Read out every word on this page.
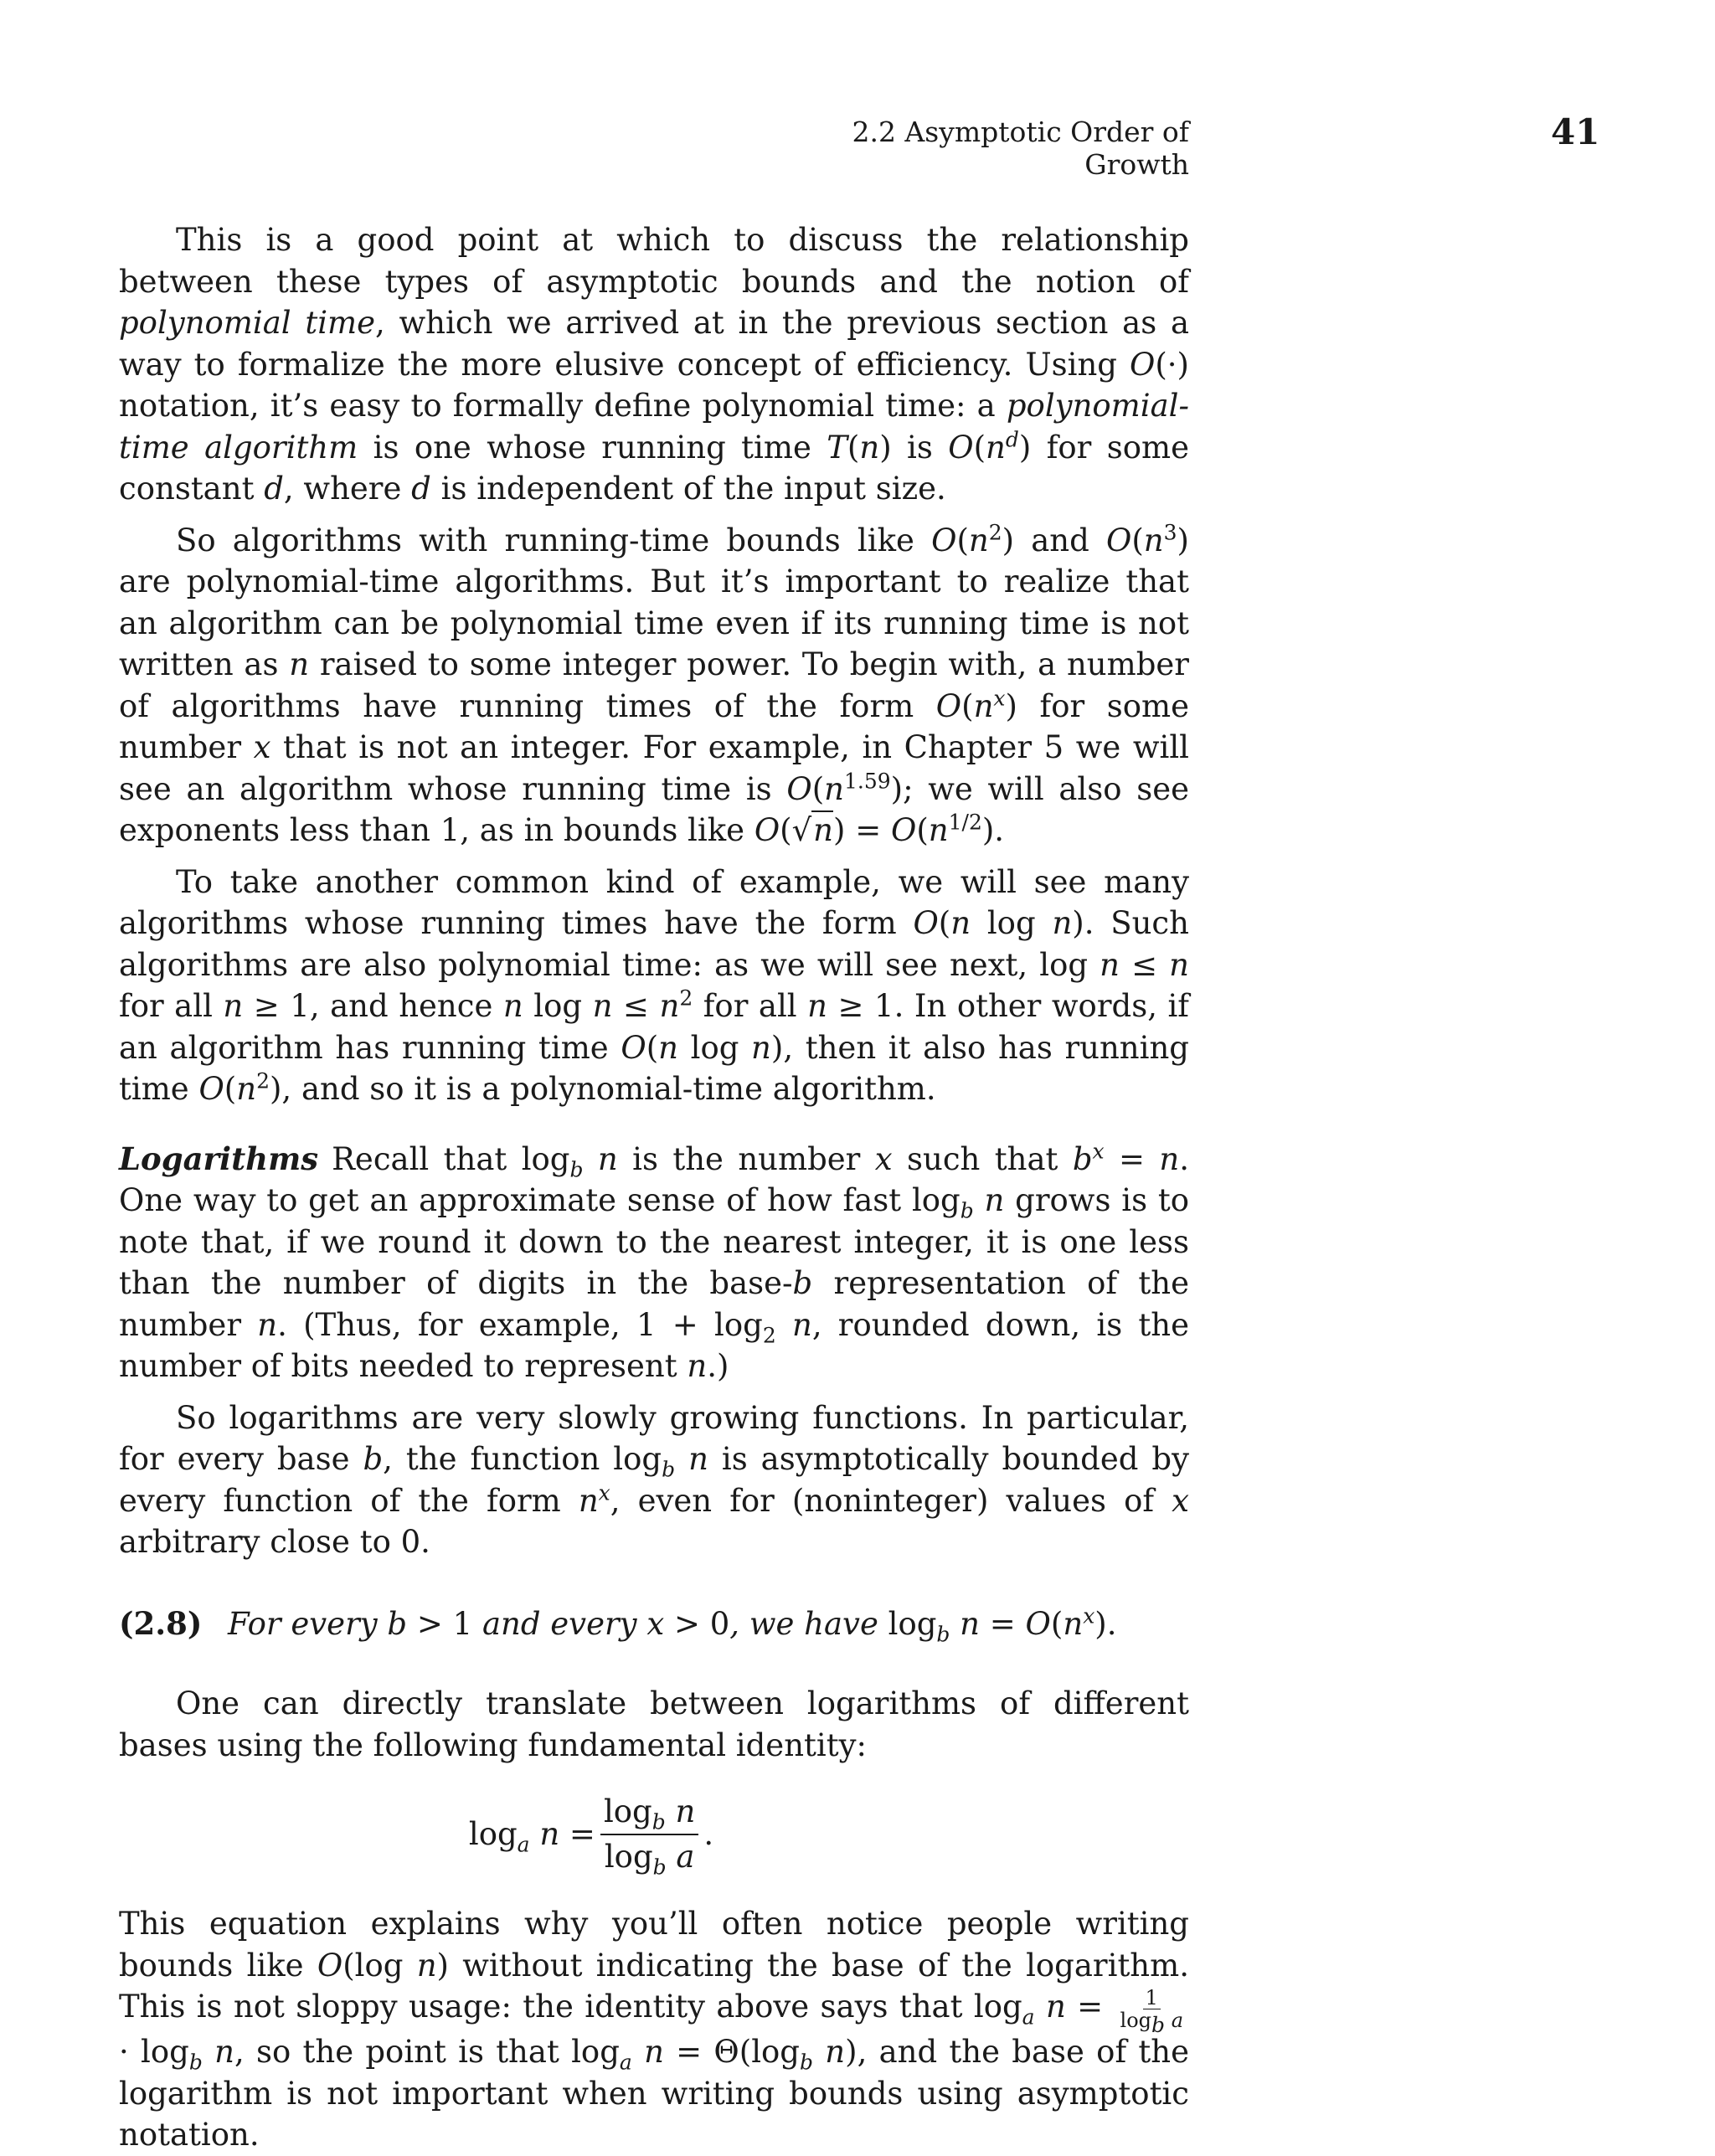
2.2 Asymptotic Order of Growth
41

This is a good point at which to discuss the relationship between these types of asymptotic bounds and the notion of polynomial time, which we arrived at in the previous section as a way to formalize the more elusive concept of efficiency. Using O(·) notation, it’s easy to formally define polynomial time: a polynomial-time algorithm is one whose running time T(n) is $O(n^d)$ for some constant d, where d is independent of the input size.

So algorithms with running-time bounds like $O(n^2)$ and $O(n^3)$ are polynomial-time algorithms. But it’s important to realize that an algorithm can be polynomial time even if its running time is not written as n raised to some integer power. To begin with, a number of algorithms have running times of the form $O(n^x)$ for some number x that is not an integer. For example, in Chapter 5 we will see an algorithm whose running time is $O(n^{1.59})$; we will also see exponents less than 1, as in bounds like $O(√n) = O(n^{1/2})$.

To take another common kind of example, we will see many algorithms whose running times have the form O(n log n). Such algorithms are also polynomial time: as we will see next, log n ≤ n for all n ≥ 1, and hence n $\log n \le n^2$ for all n ≥ 1. In other words, if an algorithm has running time O(n log n), then it also has running time $O(n^2)$, and so it is a polynomial-time algorithm.

Logarithms Recall that $\log_b n$ is the number x such that $b^x = n$. One way to get an approximate sense of how fast $\log_b n$ grows is to note that, if we round it down to the nearest integer, it is one less than the number of digits in the base-b representation of the number n. (Thus, for example, $1 + \log_2 n$, rounded down, is the number of bits needed to represent n.)

So logarithms are very slowly growing functions. In particular, for every base b, the function $\log_b n$ is asymptotically bounded by every function of the form $n^x$, even for (noninteger) values of x arbitrary close to 0.

(2.8) For every b > 1 and every x > 0, we have $\log_b n = O(n^x)$.

One can directly translate between logarithms of different bases using the following fundamental identity:

$\log_a n = \frac{\log_b n}{\log_b a}$ .

This equation explains why you’ll often notice people writing bounds like O(log n) without indicating the base of the logarithm. This is not sloppy usage: the identity above says that $\log_a n = \frac{1}{\log_b a}$
· $\log_b n$, so the point is that $\log_a n = \Theta(\log_b$ n), and the base of the logarithm is not important when writing bounds using asymptotic notation.
